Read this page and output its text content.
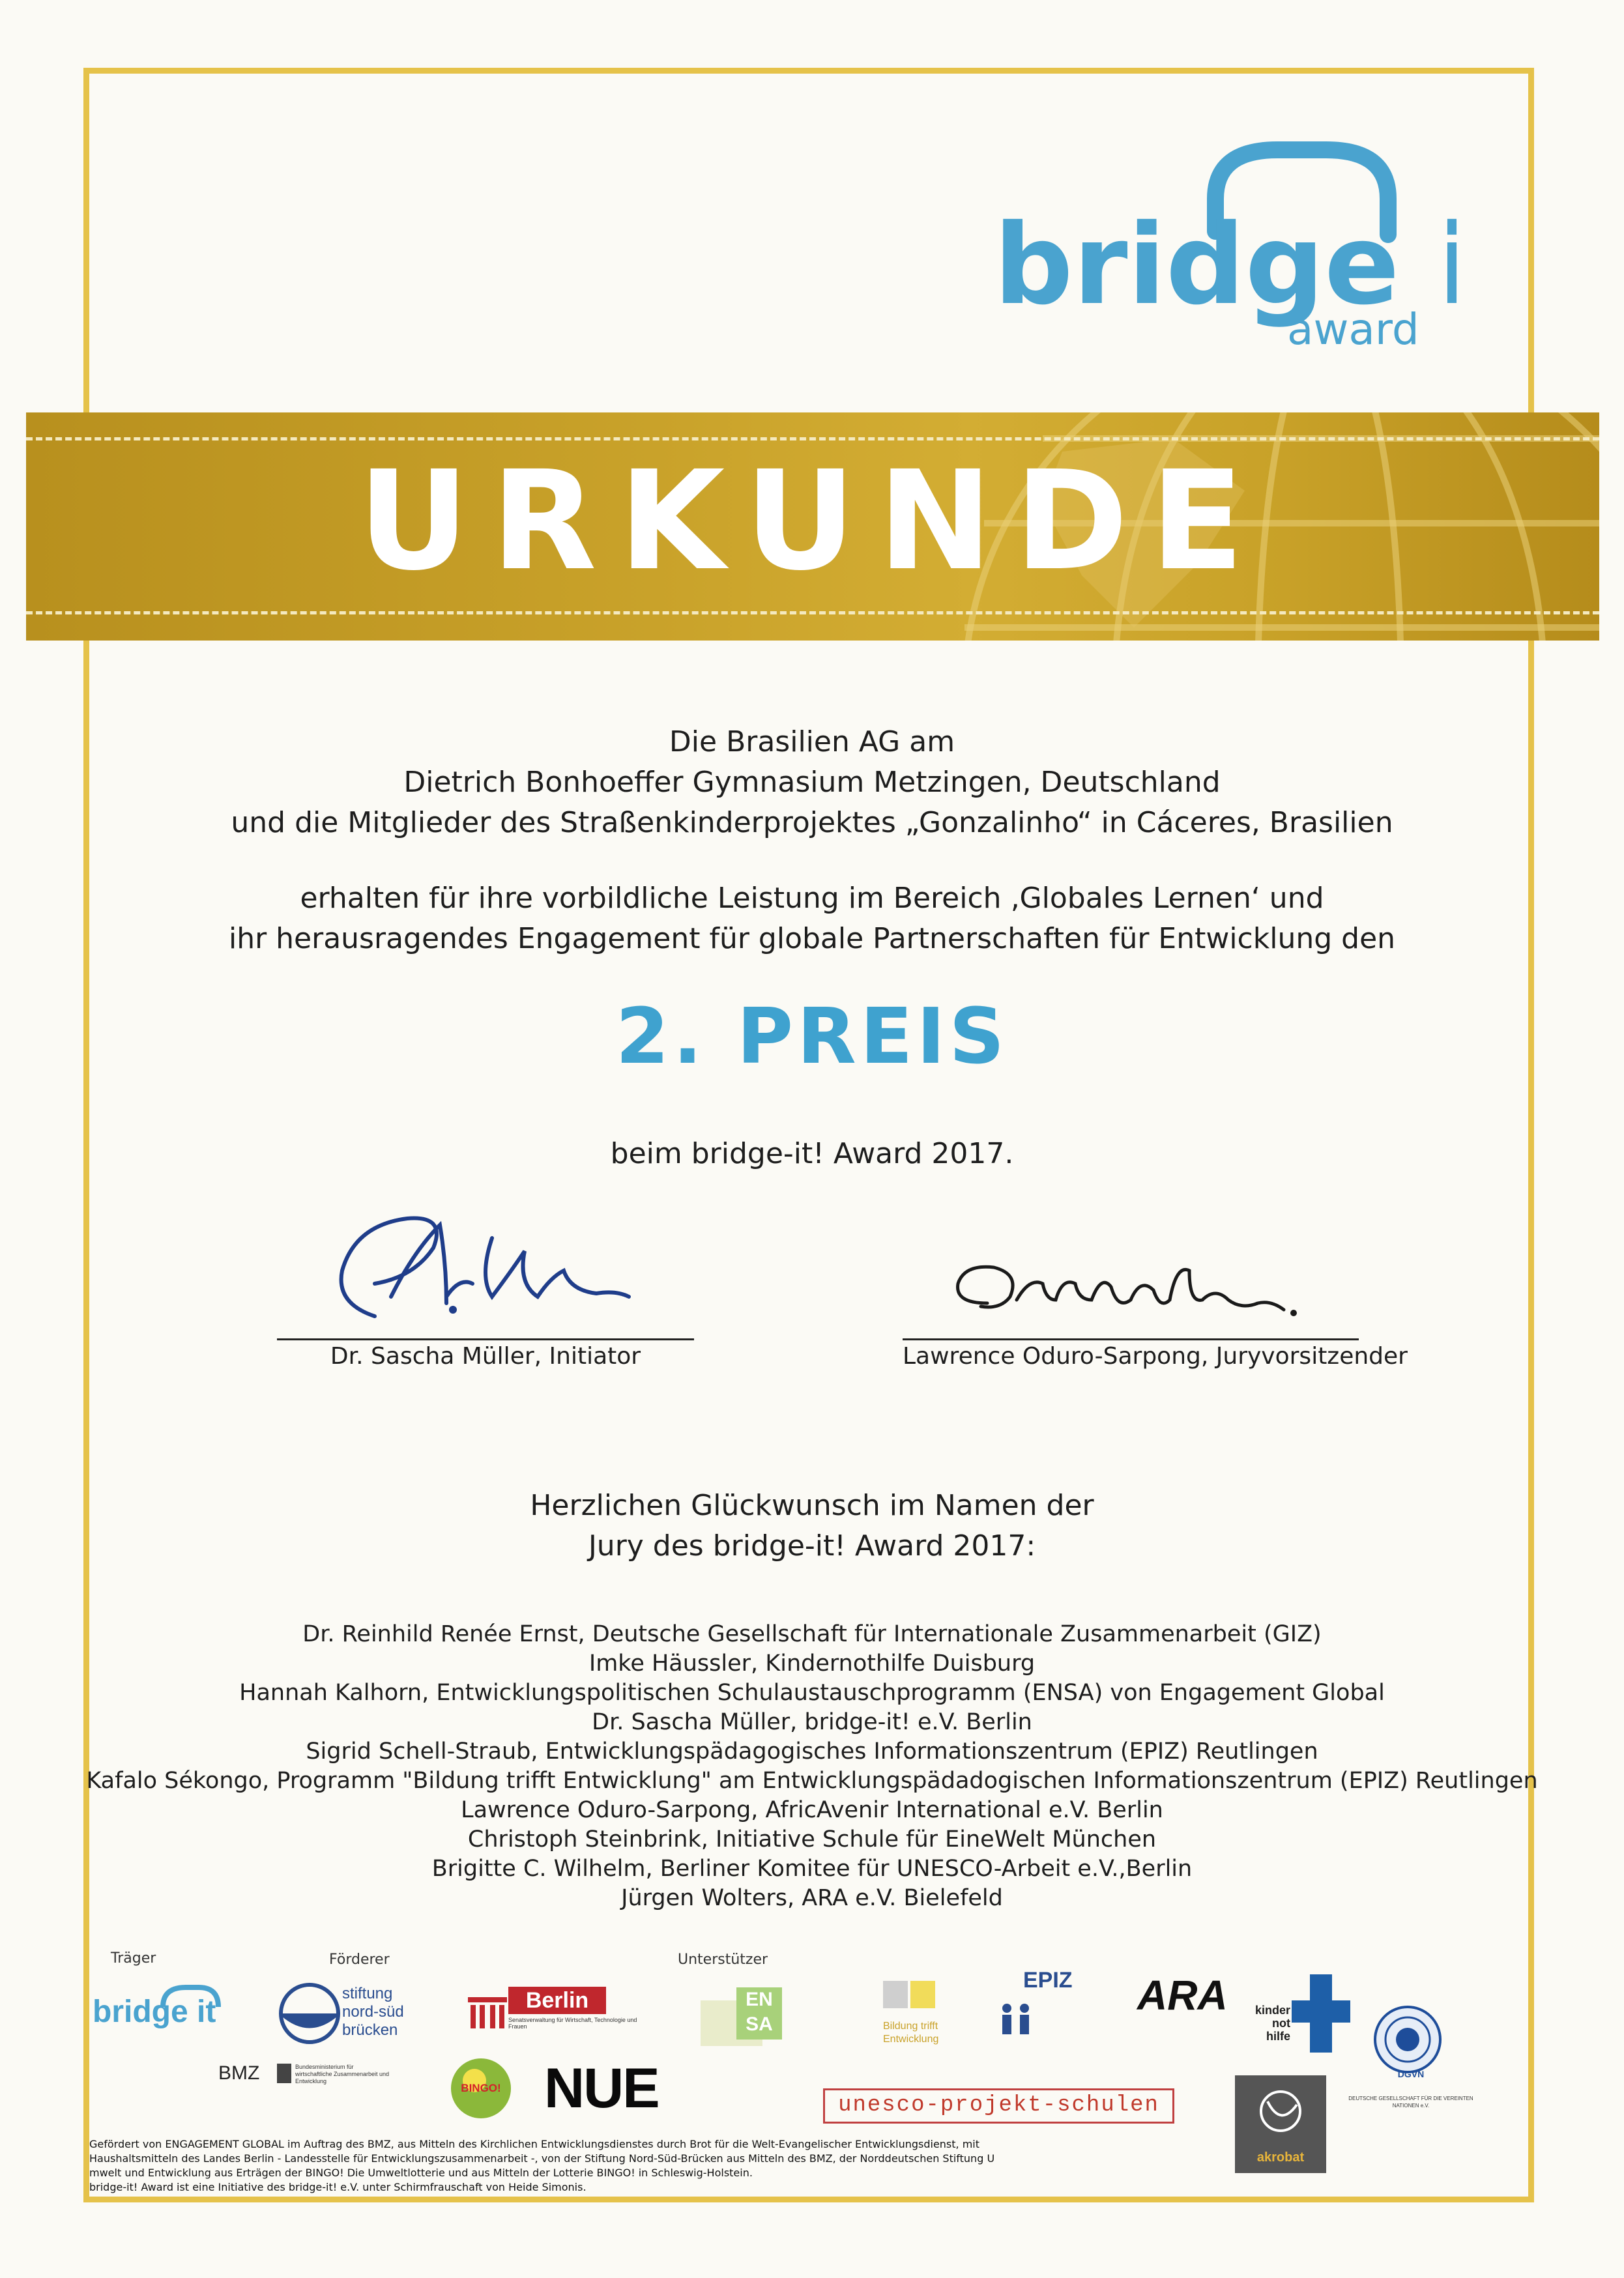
bridge
award
URKUNDE
Die Brasilien AG am
Dietrich Bonhoeffer Gymnasium Metzingen, Deutschland
und die Mitglieder des Straßenkinderprojektes „Gonzalinho“ in Cáceres, Brasilien
erhalten für ihre vorbildliche Leistung im Bereich ‚Globales Lernen‘ und
ihr herausragendes Engagement für globale Partnerschaften für Entwicklung den
2. PREIS
beim bridge-it! Award 2017.
Dr. Sascha Müller, Initiator	Lawrence Oduro-Sarpong, Juryvorsitzender
Herzlichen Glückwunsch im Namen der
Jury des bridge-it! Award 2017:
Dr. Reinhild Renée Ernst, Deutsche Gesellschaft für Internationale Zusammenarbeit (GIZ)
Imke Häussler, Kindernothilfe Duisburg
Hannah Kalhorn, Entwicklungspolitischen Schulaustauschprogramm (ENSA) von Engagement Global
Dr. Sascha Müller, bridge-it! e.V. Berlin
Sigrid Schell-Straub, Entwicklungspädagogisches Informationszentrum (EPIZ) Reutlingen
Kafalo Sékongo, Programm "Bildung trifft Entwicklung" am Entwicklungspädadogischen Informationszentrum (EPIZ) Reutlingen
Lawrence Oduro-Sarpong, AfricAvenir International e.V. Berlin
Christoph Steinbrink, Initiative Schule für EineWelt München
Brigitte C. Wilhelm, Berliner Komitee für UNESCO-Arbeit e.V.,Berlin
Jürgen Wolters, ARA e.V. Bielefeld
Träger	Förderer	Unterstützer
bridge it
stiftung
nord-süd
brücken
Berlin
Senatsverwaltung für Wirtschaft, Technologie und Frauen
EN SA	Bildung trifft
Entwicklung
EPIZ ARA	kinder
not
hilfe
DGVN
DEUTSCHE GESELLSCHAFT FÜR DIE VEREINTEN NATIONEN e.V.
BMZ	Bundesministerium für wirtschaftliche Zusammenarbeit und Entwicklung
BINGO! NUE	unesco-projekt-schulen
akrobat

Gefördert von ENGAGEMENT GLOBAL im Auftrag des BMZ, aus Mitteln des Kirchlichen Entwicklungsdienstes durch Brot für die Welt-Evangelischer Entwicklungsdienst, mit

Haushaltsmitteln des Landes Berlin - Landesstelle für Entwicklungszusammenarbeit -, von der Stiftung Nord-Süd-Brücken aus Mitteln des BMZ, der Norddeutschen Stiftung U

mwelt und Entwicklung aus Erträgen der BINGO! Die Umweltlotterie und aus Mitteln der Lotterie BINGO! in Schleswig-Holstein.

bridge-it! Award ist eine Initiative des bridge-it! e.V. unter Schirmfrauschaft von Heide Simonis.
